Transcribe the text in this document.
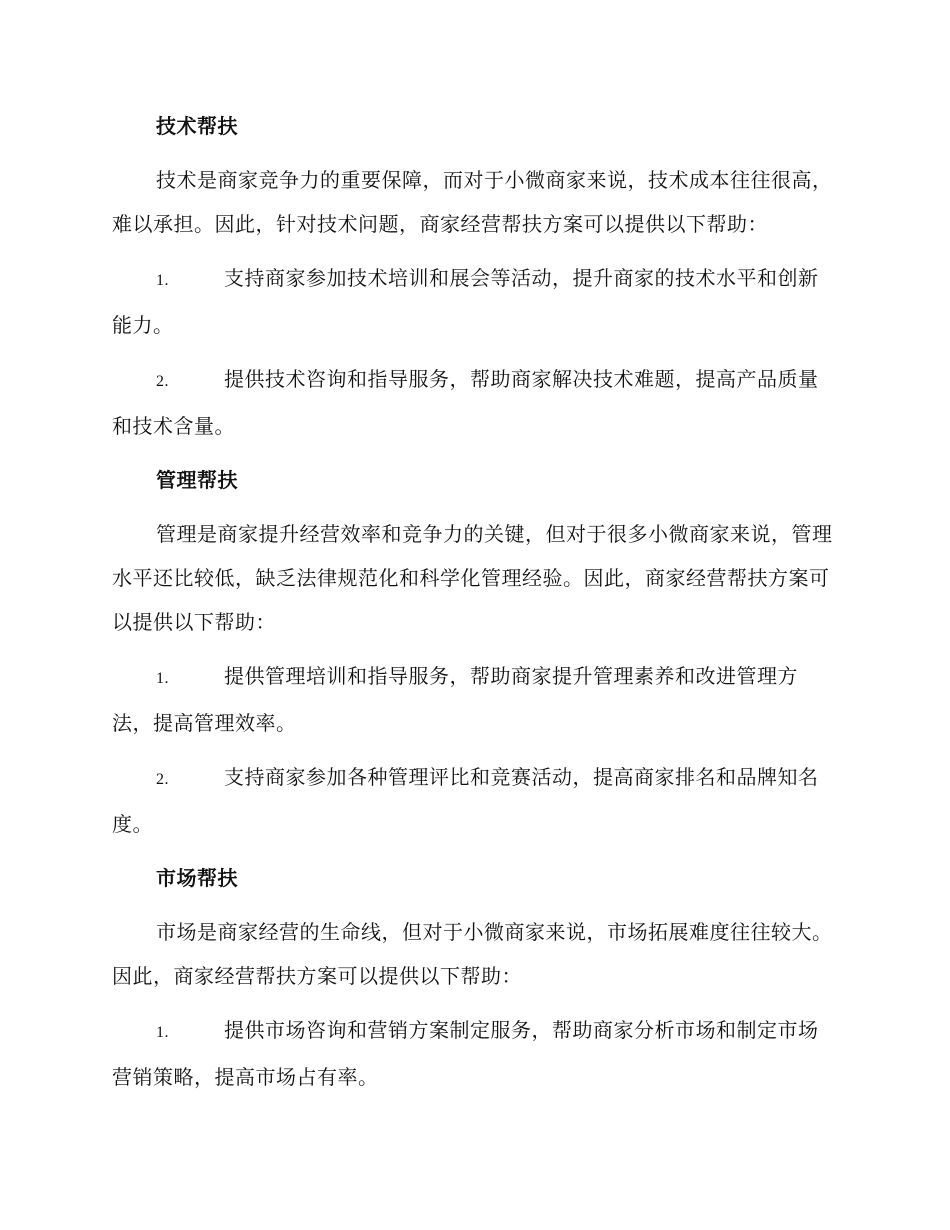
技术帮扶

技术是商家竞争力的重要保障，而对于小微商家来说，技术成本往往很高，难以承担。因此，针对技术问题，商家经营帮扶方案可以提供以下帮助：

1.	支持商家参加技术培训和展会等活动，提升商家的技术水平和创新能力。

2.	提供技术咨询和指导服务，帮助商家解决技术难题，提高产品质量和技术含量。

管理帮扶

管理是商家提升经营效率和竞争力的关键，但对于很多小微商家来说，管理水平还比较低，缺乏法律规范化和科学化管理经验。因此，商家经营帮扶方案可以提供以下帮助：

1.	提供管理培训和指导服务，帮助商家提升管理素养和改进管理方法，提高管理效率。

2.	支持商家参加各种管理评比和竞赛活动，提高商家排名和品牌知名度。

市场帮扶

市场是商家经营的生命线，但对于小微商家来说，市场拓展难度往往较大。因此，商家经营帮扶方案可以提供以下帮助：

1.	提供市场咨询和营销方案制定服务，帮助商家分析市场和制定市场营销策略，提高市场占有率。
